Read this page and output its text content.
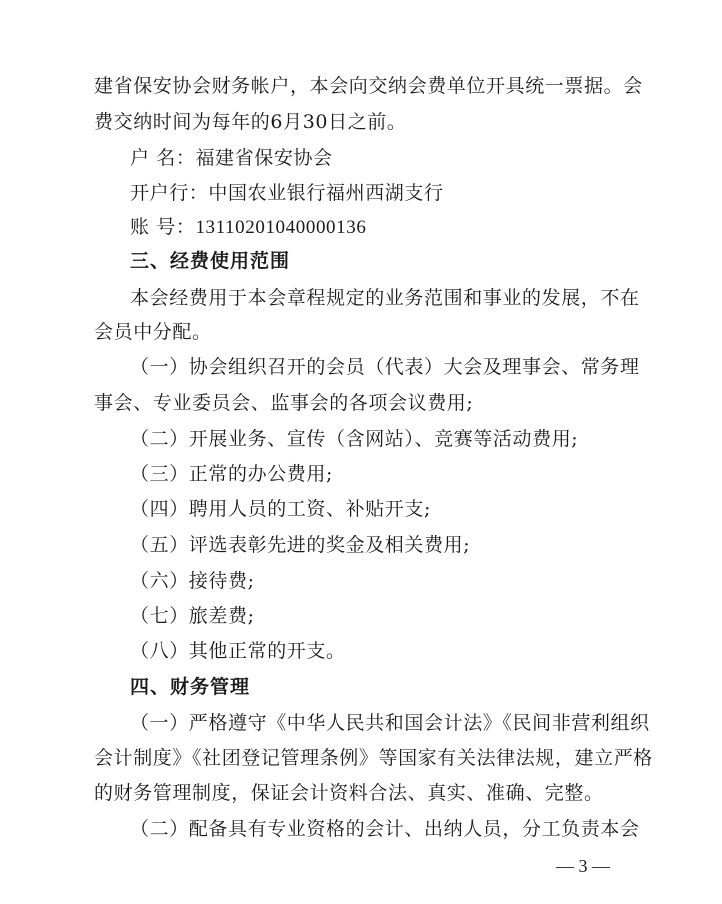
建省保安协会财务帐户，本会向交纳会费单位开具统一票据。会
费交纳时间为每年的6月30日之前。
户 名：福建省保安协会
开户行：中国农业银行福州西湖支行
账 号：13110201040000136
三、经费使用范围
本会经费用于本会章程规定的业务范围和事业的发展，不在
会员中分配。
（一）协会组织召开的会员（代表）大会及理事会、常务理
事会、专业委员会、监事会的各项会议费用;
（二）开展业务、宣传（含网站）、竞赛等活动费用;
（三）正常的办公费用;
（四）聘用人员的工资、补贴开支;
（五）评选表彰先进的奖金及相关费用;
（六）接待费;
（七）旅差费;
（八）其他正常的开支。
四、财务管理
（一）严格遵守《中华人民共和国会计法》《民间非营利组织
会计制度》《社团登记管理条例》等国家有关法律法规，建立严格
的财务管理制度，保证会计资料合法、真实、准确、完整。
（二）配备具有专业资格的会计、出纳人员，分工负责本会
— 3 —
